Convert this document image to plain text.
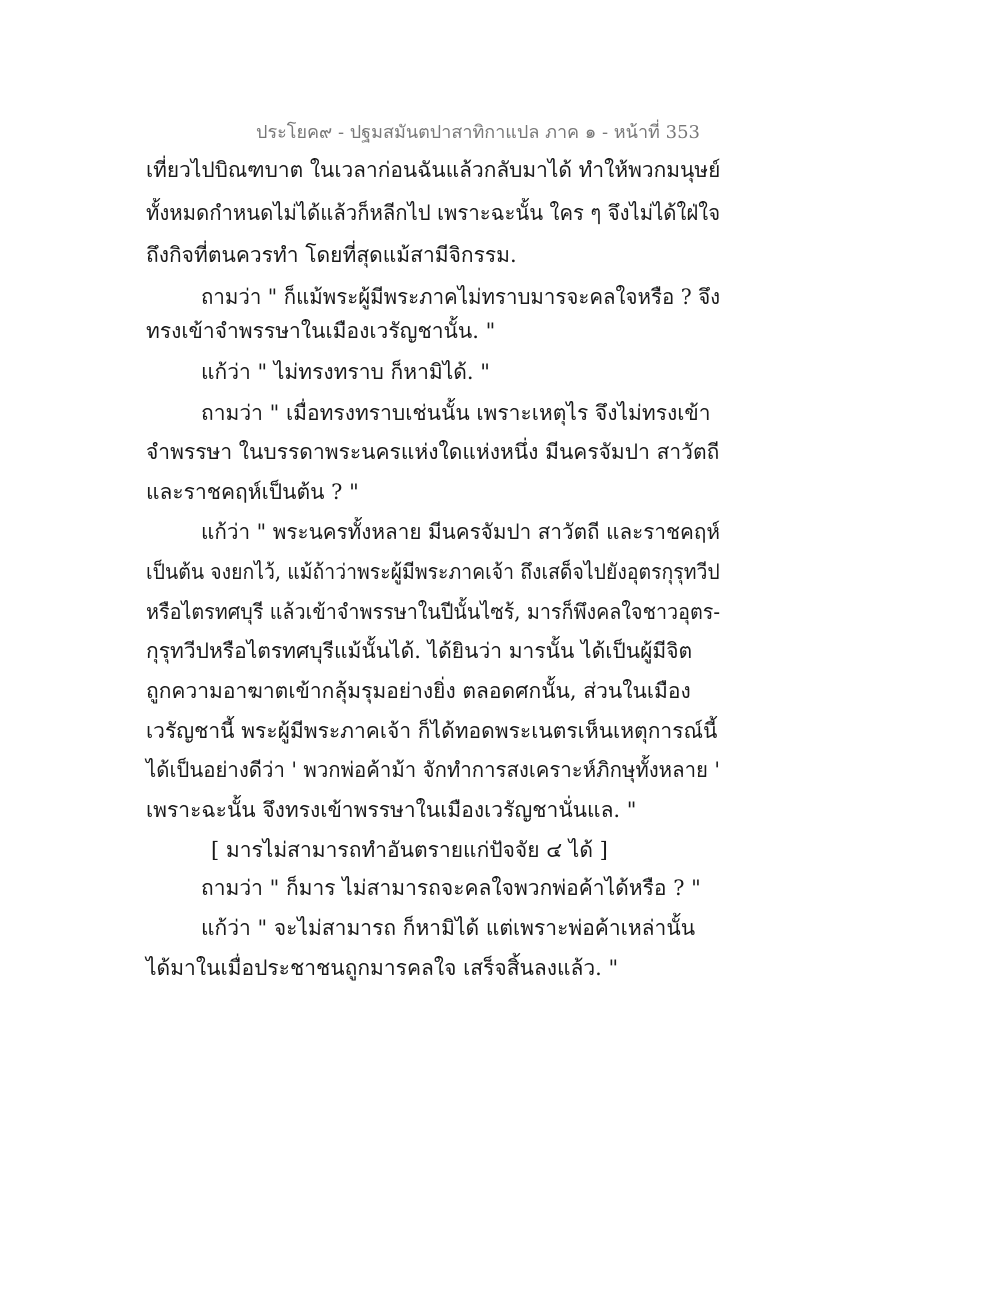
ประโยค๙ - ปฐมสมันตปาสาทิกาแปล ภาค ๑ - หน้าที่ 353
เที่ยวไปบิณฑบาต ในเวลาก่อนฉันแล้วกลับมาได้ ทำให้พวกมนุษย์
ทั้งหมดกำหนดไม่ได้แล้วก็หลีกไป เพราะฉะนั้น ใคร ๆ จึงไม่ได้ใฝ่ใจ
ถึงกิจที่ตนควรทำ โดยที่สุดแม้สามีจิกรรม.
ถามว่า " ก็แม้พระผู้มีพระภาคไม่ทราบมารจะคลใจหรือ ? จึง
ทรงเข้าจำพรรษาในเมืองเวรัญชานั้น. "
แก้ว่า " ไม่ทรงทราบ ก็หามิได้. "
ถามว่า " เมื่อทรงทราบเช่นนั้น เพราะเหตุไร จึงไม่ทรงเข้า
จำพรรษา ในบรรดาพระนครแห่งใดแห่งหนึ่ง มีนครจัมปา สาวัตถี
และราชคฤห์เป็นต้น ? "
แก้ว่า " พระนครทั้งหลาย มีนครจัมปา สาวัตถี และราชคฤห์
เป็นต้น จงยกไว้, แม้ถ้าว่าพระผู้มีพระภาคเจ้า ถึงเสด็จไปยังอุตรกุรุทวีป
หรือไตรทศบุรี แล้วเข้าจำพรรษาในปีนั้นไซร้, มารก็พึงคลใจชาวอุตร-
กุรุทวีปหรือไตรทศบุรีแม้นั้นได้. ได้ยินว่า มารนั้น ได้เป็นผู้มีจิต
ถูกความอาฆาตเข้ากลุ้มรุมอย่างยิ่ง ตลอดศกนั้น, ส่วนในเมือง
เวรัญชานี้ พระผู้มีพระภาคเจ้า ก็ได้ทอดพระเนตรเห็นเหตุการณ์นี้
ได้เป็นอย่างดีว่า ' พวกพ่อค้าม้า จักทำการสงเคราะห์ภิกษุทั้งหลาย '
เพราะฉะนั้น จึงทรงเข้าพรรษาในเมืองเวรัญชานั่นแล. "
[ มารไม่สามารถทำอันตรายแก่ปัจจัย ๔ ได้ ]
ถามว่า " ก็มาร ไม่สามารถจะคลใจพวกพ่อค้าได้หรือ ? "
แก้ว่า " จะไม่สามารถ ก็หามิได้ แต่เพราะพ่อค้าเหล่านั้น
ได้มาในเมื่อประชาชนถูกมารคลใจ เสร็จสิ้นลงแล้ว. "
